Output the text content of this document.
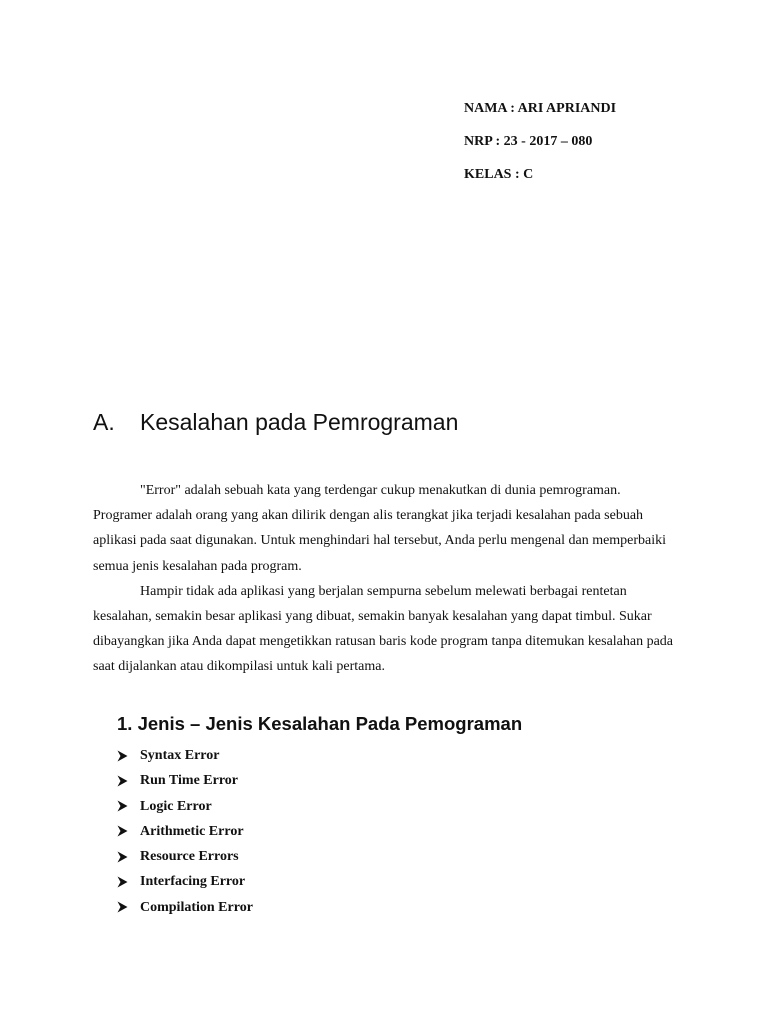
NAMA : ARI APRIANDI
NRP : 23 - 2017 – 080
KELAS : C
A. Kesalahan pada Pemrograman

"Error" adalah sebuah kata yang terdengar cukup menakutkan di dunia pemrograman. Programer adalah orang yang akan dilirik dengan alis terangkat jika terjadi kesalahan pada sebuah aplikasi pada saat digunakan. Untuk menghindari hal tersebut, Anda perlu mengenal dan memperbaiki semua jenis kesalahan pada program.

Hampir tidak ada aplikasi yang berjalan sempurna sebelum melewati berbagai rentetan kesalahan, semakin besar aplikasi yang dibuat, semakin banyak kesalahan yang dapat timbul. Sukar dibayangkan jika Anda dapat mengetikkan ratusan baris kode program tanpa ditemukan kesalahan pada saat dijalankan atau dikompilasi untuk kali pertama.

1. Jenis – Jenis Kesalahan Pada Pemograman
Syntax Error
Run Time Error
Logic Error
Arithmetic Error
Resource Errors
Interfacing Error
Compilation Error
